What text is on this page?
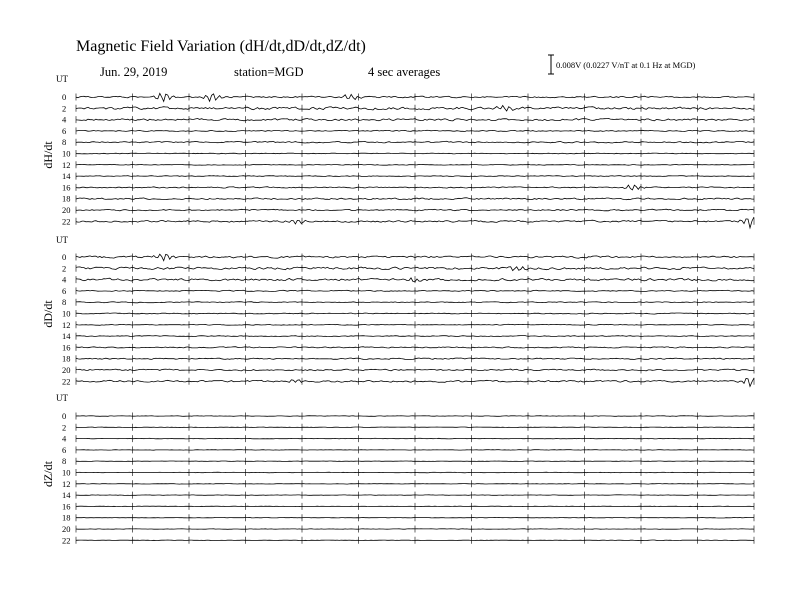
Magnetic Field Variation (dH/dt,dD/dt,dZ/dt)
Jun. 29, 2019	station=MGD	4 sec averages	0.008V (0.0227 V/nT at 0.1 Hz at MGD)
UT
dH/dt
0
2
4
6
8
10
12
14
16
18
20
22
UT
dD/dt
0
2
4
6
8
10
12
14
16
18
20
22
UT
dZ/dt
0
2
4
6
8
10
12
14
16
18
20
22
